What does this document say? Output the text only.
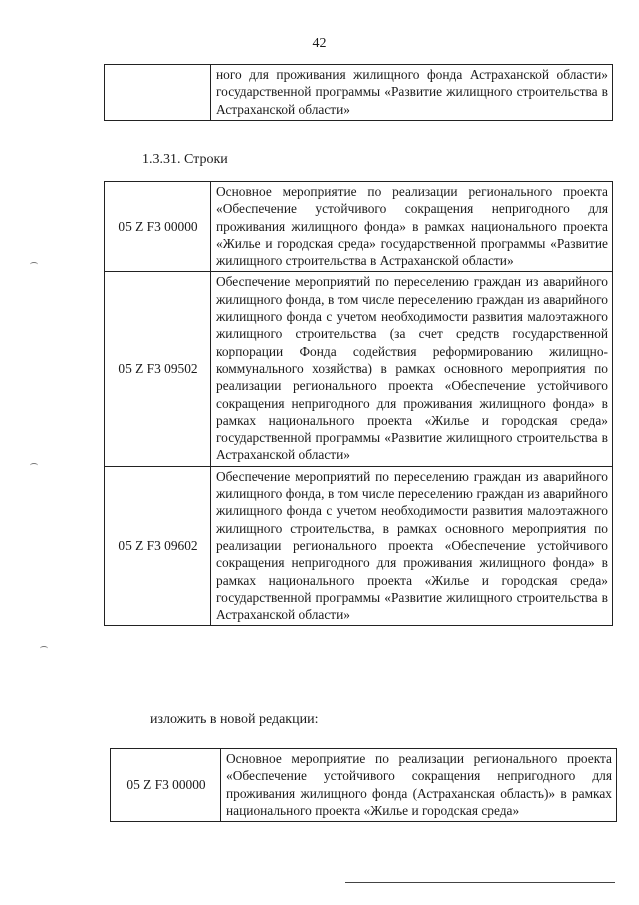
42
	ного для проживания жилищного фонда Астраханской области» государственной программы «Развитие жилищного строительства в Астраханской области»
1.3.31. Строки
05 Z F3 00000	Основное мероприятие по реализации регионального проекта «Обеспечение устойчивого сокращения непригодного для проживания жилищного фонда» в рамках национального проекта «Жилье и городская среда» государственной программы «Развитие жилищного строительства в Астраханской области»
05 Z F3 09502	Обеспечение мероприятий по переселению граждан из аварийного жилищного фонда, в том числе переселению граждан из аварийного жилищного фонда с учетом необходимости развития малоэтажного жилищного строительства (за счет средств государственной корпорации Фонда содействия реформированию жилищно-коммунального хозяйства) в рамках основного мероприятия по реализации регионального проекта «Обеспечение устойчивого сокращения непригодного для проживания жилищного фонда» в рамках национального проекта «Жилье и городская среда» государственной программы «Развитие жилищного строительства в Астраханской области»
05 Z F3 09602	Обеспечение мероприятий по переселению граждан из аварийного жилищного фонда, в том числе переселению граждан из аварийного жилищного фонда с учетом необходимости развития малоэтажного жилищного строительства, в рамках основного мероприятия по реализации регионального проекта «Обеспечение устойчивого сокращения непригодного для проживания жилищного фонда» в рамках национального проекта «Жилье и городская среда» государственной программы «Развитие жилищного строительства в Астраханской области»
изложить в новой редакции:
05 Z F3 00000	Основное мероприятие по реализации регионального проекта «Обеспечение устойчивого сокращения непригодного для проживания жилищного фонда (Астраханская область)» в рамках национального проекта «Жилье и городская среда»
